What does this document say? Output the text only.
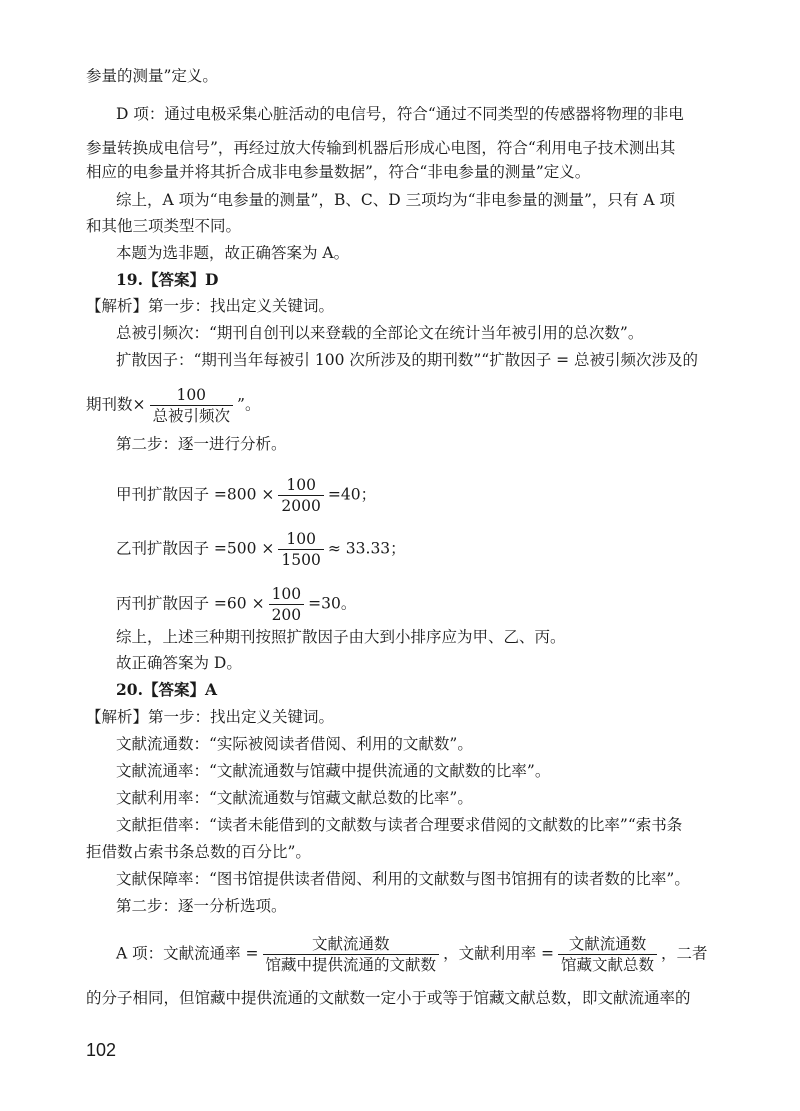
参量的测量”定义。
D 项：通过电极采集心脏活动的电信号，符合“通过不同类型的传感器将物理的非电
参量转换成电信号”，再经过放大传输到机器后形成心电图，符合“利用电子技术测出其
相应的电参量并将其折合成非电参量数据”，符合“非电参量的测量”定义。
综上，A 项为“电参量的测量”，B、C、D 三项均为“非电参量的测量”，只有 A 项
和其他三项类型不同。
本题为选非题，故正确答案为 A。
19.【答案】D
【解析】第一步：找出定义关键词。
总被引频次：“期刊自创刊以来登载的全部论文在统计当年被引用的总次数”。
扩散因子：“期刊当年每被引 100 次所涉及的期刊数”“扩散因子 = 总被引频次涉及的
期刊数× $\frac{100}{\text{总被引频次}}$ ”。
第二步：逐一进行分析。
甲刊扩散因子 $=800 \times \frac{100}{2000} =40$；
乙刊扩散因子 $=500 \times \frac{100}{1500} \approx 33.33$；
丙刊扩散因子 $=60 \times \frac{100}{200} =30$。
综上，上述三种期刊按照扩散因子由大到小排序应为甲、乙、丙。
故正确答案为 D。
20.【答案】A
【解析】第一步：找出定义关键词。
文献流通数：“实际被阅读者借阅、利用的文献数”。
文献流通率：“文献流通数与馆藏中提供流通的文献数的比率”。
文献利用率：“文献流通数与馆藏文献总数的比率”。
文献拒借率：“读者未能借到的文献数与读者合理要求借阅的文献数的比率”“索书条
拒借数占索书条总数的百分比”。
文献保障率：“图书馆提供读者借阅、利用的文献数与图书馆拥有的读者数的比率”。
第二步：逐一分析选项。
A 项：文献流通率 = $\frac{\text{文献流通数}}{\text{馆藏中提供流通的文献数}}$ ，文献利用率 = $\frac{\text{文献流通数}}{\text{馆藏文献总数}}$ ，二者
的分子相同，但馆藏中提供流通的文献数一定小于或等于馆藏文献总数，即文献流通率的
102
